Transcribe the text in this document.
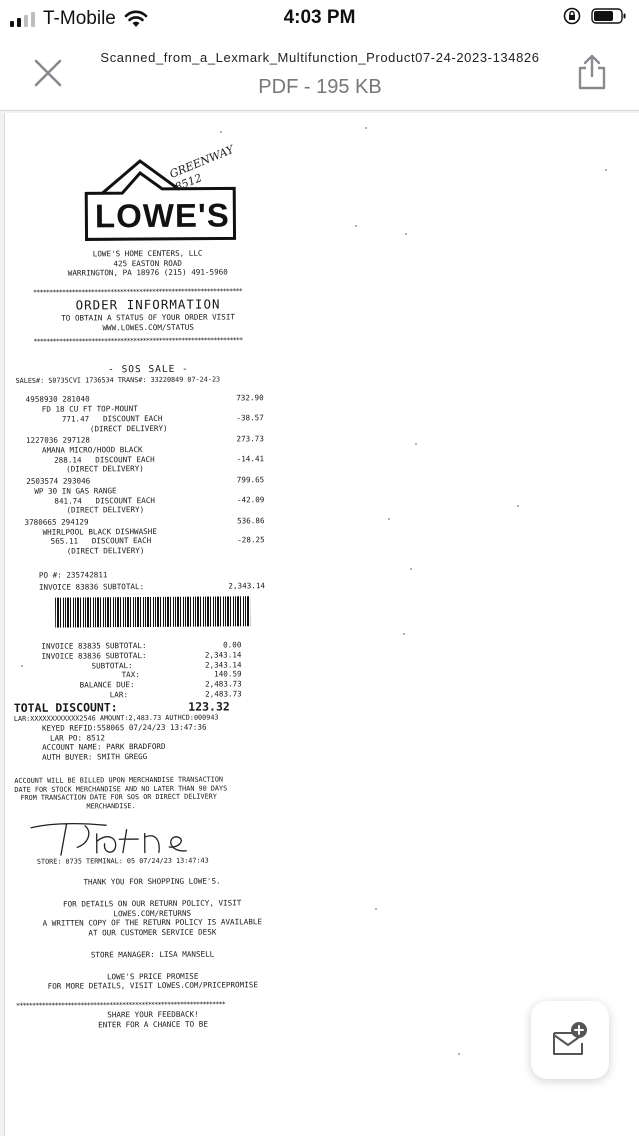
T-Mobile	4:03 PM
Scanned_from_a_Lexmark_Multifunction_Product07-24-2023-134826
PDF - 195 KB
LOWE'S
GREENWAY 8512
LOWE'S HOME CENTERS, LLC
425 EASTON ROAD
WARRINGTON, PA 18976 (215) 491-5960
*****************************************************************
ORDER INFORMATION
TO OBTAIN A STATUS OF YOUR ORDER VISIT
WWW.LOWES.COM/STATUS
*****************************************************************
- SOS SALE -
SALES#: S0735CVI 1736534 TRANS#: 33220849 07-24-23
4958930 281040	732.90
FD 18 CU FT TOP-MOUNT
771.47 DISCOUNT EACH	-38.57
(DIRECT DELIVERY)
1227036 297128	273.73
AMANA MICRO/HOOD BLACK
288.14 DISCOUNT EACH	-14.41
(DIRECT DELIVERY)
2503574 293046	799.65
WP 30 IN GAS RANGE
841.74 DISCOUNT EACH	-42.09
(DIRECT DELIVERY)
3780665 294129	536.86
WHIRLPOOL BLACK DISHWASHE
565.11 DISCOUNT EACH	-28.25
(DIRECT DELIVERY)
PO #: 235742811
INVOICE 83836 SUBTOTAL:	2,343.14
INVOICE 83835 SUBTOTAL:	0.00
INVOICE 83836 SUBTOTAL:	2,343.14
SUBTOTAL:	2,343.14
TAX:	140.59
BALANCE DUE:	2,483.73
LAR:	2,483.73
TOTAL DISCOUNT:	123.32
LAR:XXXXXXXXXXXX2546 AMOUNT:2,483.73 AUTHCD:000943
KEYED REFID:558065 07/24/23 13:47:36
LAR PO: 8512
ACCOUNT NAME: PARK BRADFORD
AUTH BUYER: SMITH GREGG
ACCOUNT WILL BE BILLED UPON MERCHANDISE TRANSACTION
DATE FOR STOCK MERCHANDISE AND NO LATER THAN 90 DAYS
FROM TRANSACTION DATE FOR SOS OR DIRECT DELIVERY
MERCHANDISE.
STORE: 0735 TERMINAL: 05 07/24/23 13:47:43
THANK YOU FOR SHOPPING LOWE'S.
FOR DETAILS ON OUR RETURN POLICY, VISIT
LOWES.COM/RETURNS
A WRITTEN COPY OF THE RETURN POLICY IS AVAILABLE
AT OUR CUSTOMER SERVICE DESK
STORE MANAGER: LISA MANSELL
LOWE'S PRICE PROMISE
FOR MORE DETAILS, VISIT LOWES.COM/PRICEPROMISE
*****************************************************************
SHARE YOUR FEEDBACK!
ENTER FOR A CHANCE TO BE
